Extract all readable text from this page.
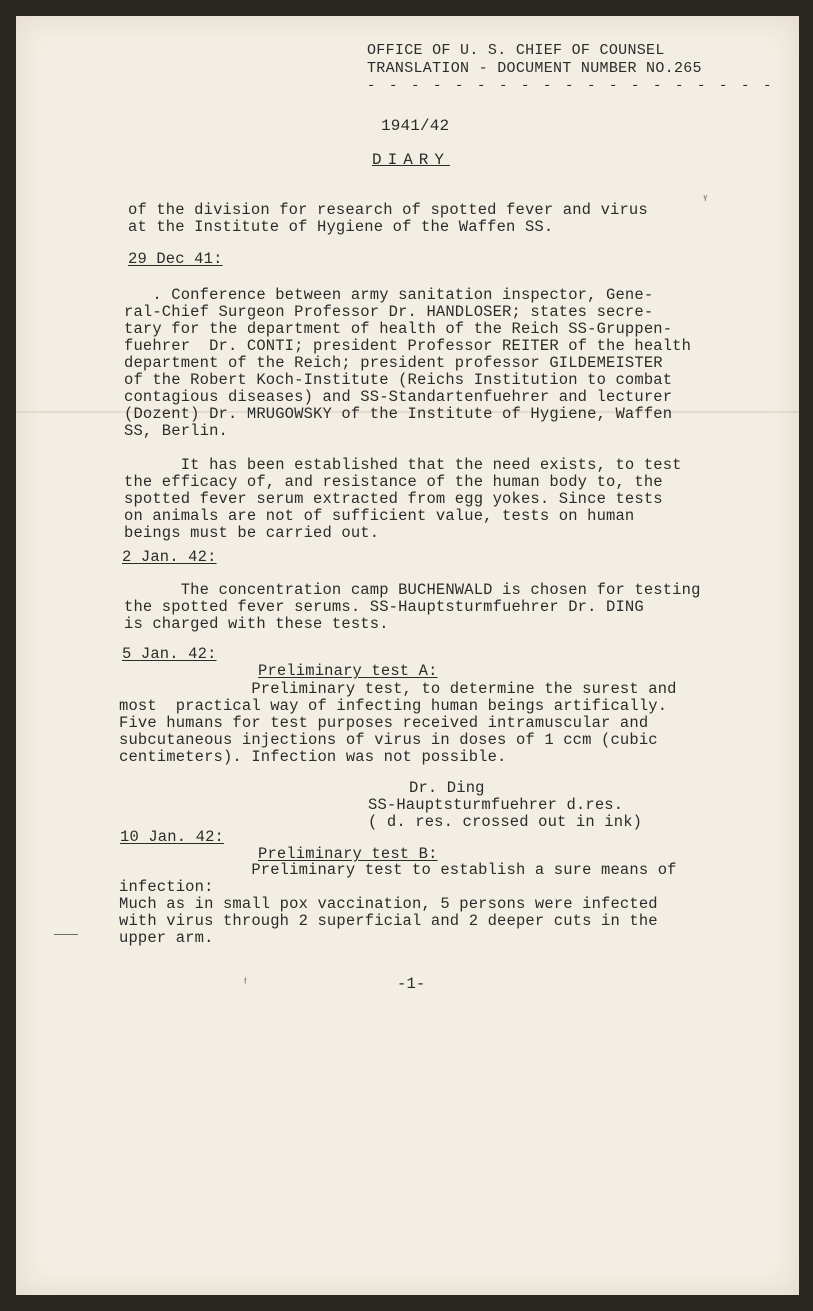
OFFICE OF U. S. CHIEF OF COUNSEL
TRANSLATION - DOCUMENT NUMBER NO.265
- - - - - - - - - - - - - - - - - - -
1941/42
DIARY
ᵞ
of the division for research of spotted fever and virus
at the Institute of Hygiene of the Waffen SS.
29 Dec 41:
. Conference between army sanitation inspector, Gene-
ral-Chief Surgeon Professor Dr. HANDLOSER; states secre-
tary for the department of health of the Reich SS-Gruppen-
fuehrer  Dr. CONTI; president Professor REITER of the health
department of the Reich; president professor GILDEMEISTER
of the Robert Koch-Institute (Reichs Institution to combat
contagious diseases) and SS-Standartenfuehrer and lecturer
(Dozent) Dr. MRUGOWSKY of the Institute of Hygiene, Waffen
SS, Berlin.
It has been established that the need exists, to test
the efficacy of, and resistance of the human body to, the
spotted fever serum extracted from egg yokes. Since tests
on animals are not of sufficient value, tests on human
beings must be carried out.
2 Jan. 42:
The concentration camp BUCHENWALD is chosen for testing
the spotted fever serums. SS-Hauptsturmfuehrer Dr. DING
is charged with these tests.
5 Jan. 42:
Preliminary test A:
Preliminary test, to determine the surest and
most  practical way of infecting human beings artifically.
Five humans for test purposes received intramuscular and
subcutaneous injections of virus in doses of 1 ccm (cubic
centimeters). Infection was not possible.
Dr. Ding
SS-Hauptsturmfuehrer d.res.
( d. res. crossed out in ink)
10 Jan. 42:
Preliminary test B:
Preliminary test to establish a sure means of
infection:
Much as in small pox vaccination, 5 persons were infected
with virus through 2 superficial and 2 deeper cuts in the
upper arm.
ᶠ	-1-
